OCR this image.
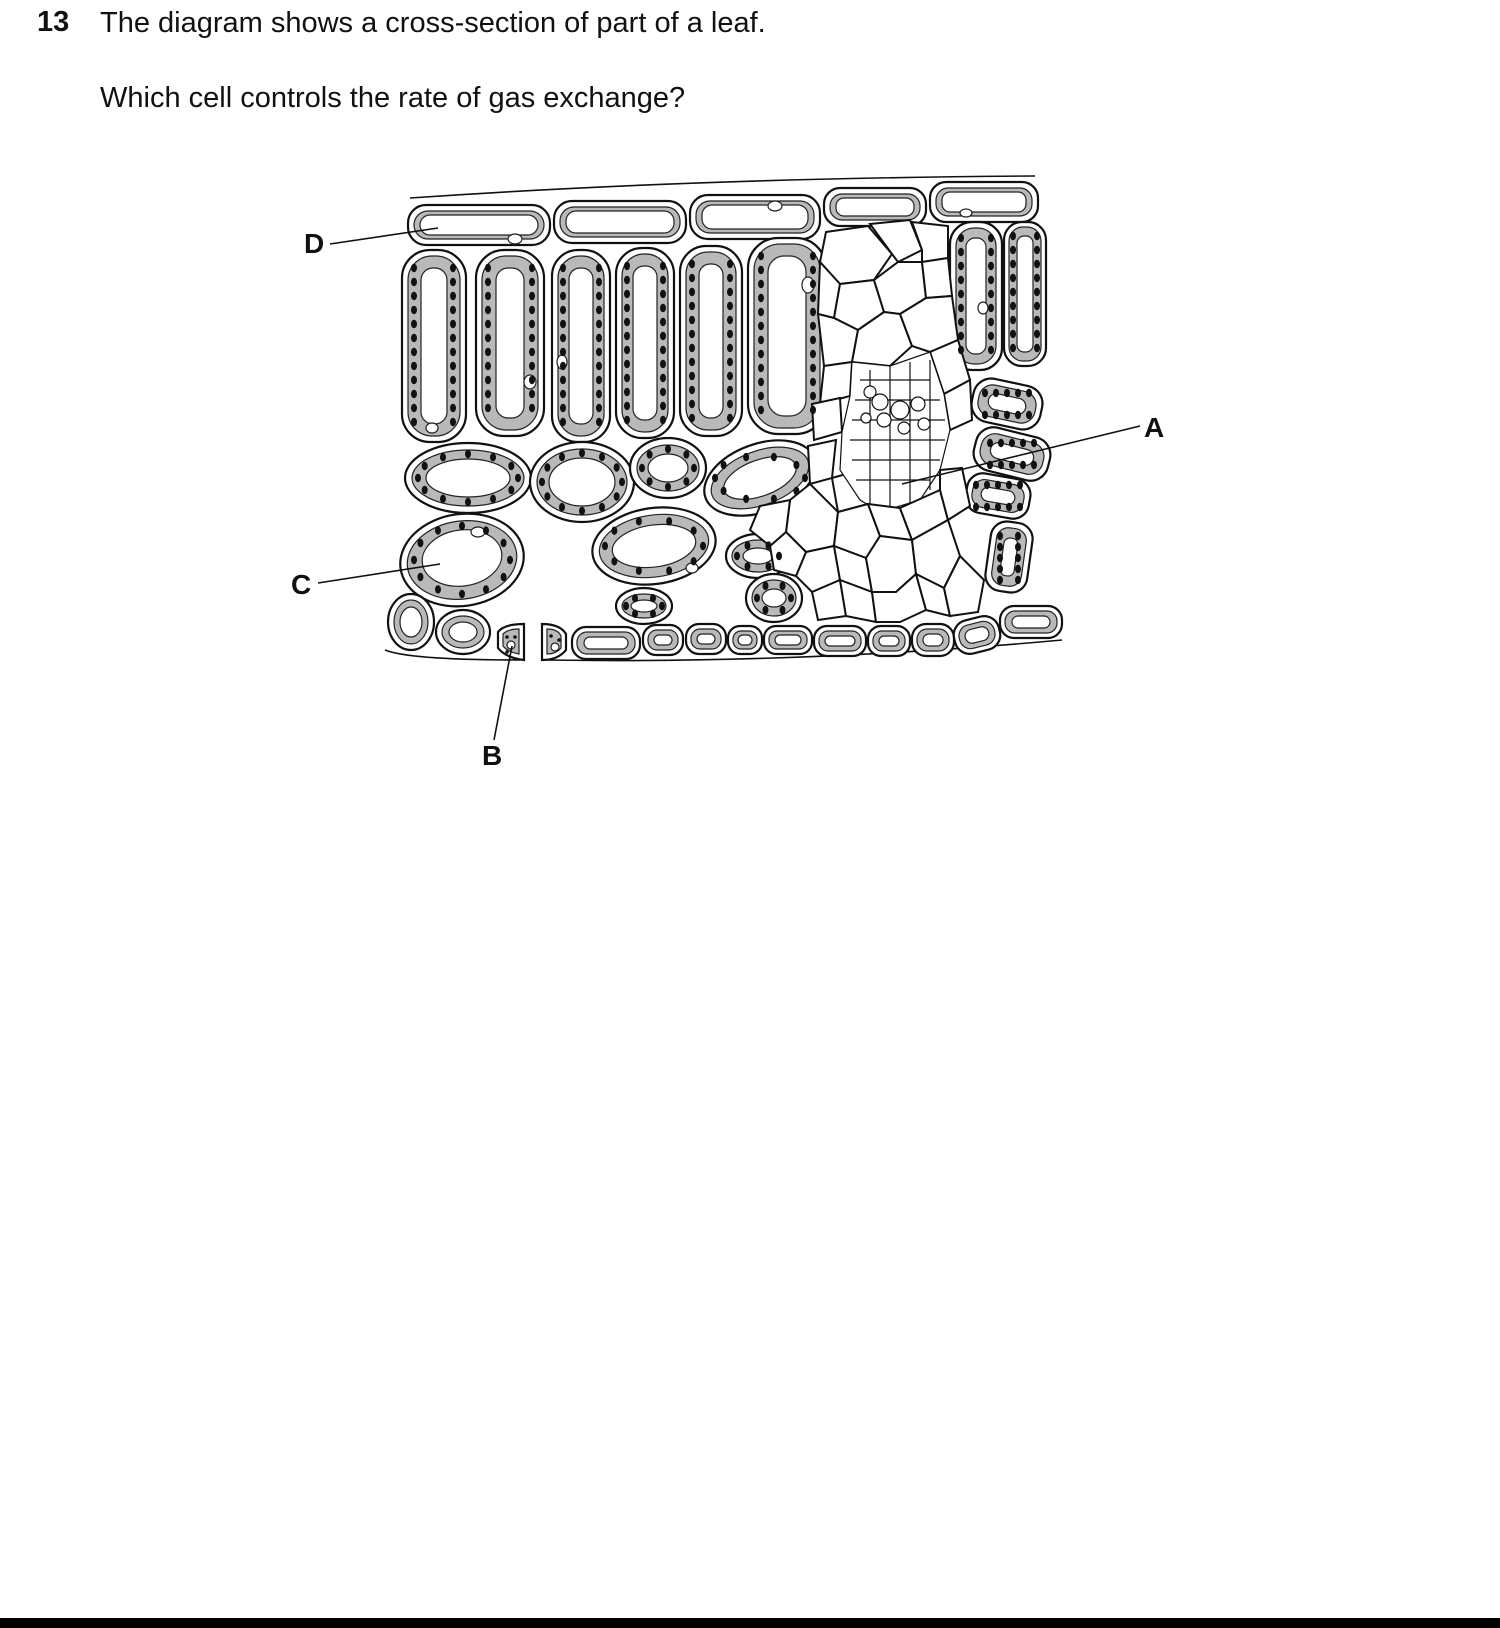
13 The diagram shows a cross-section of part of a leaf.
Which cell controls the rate of gas exchange?
D
C
B
A
